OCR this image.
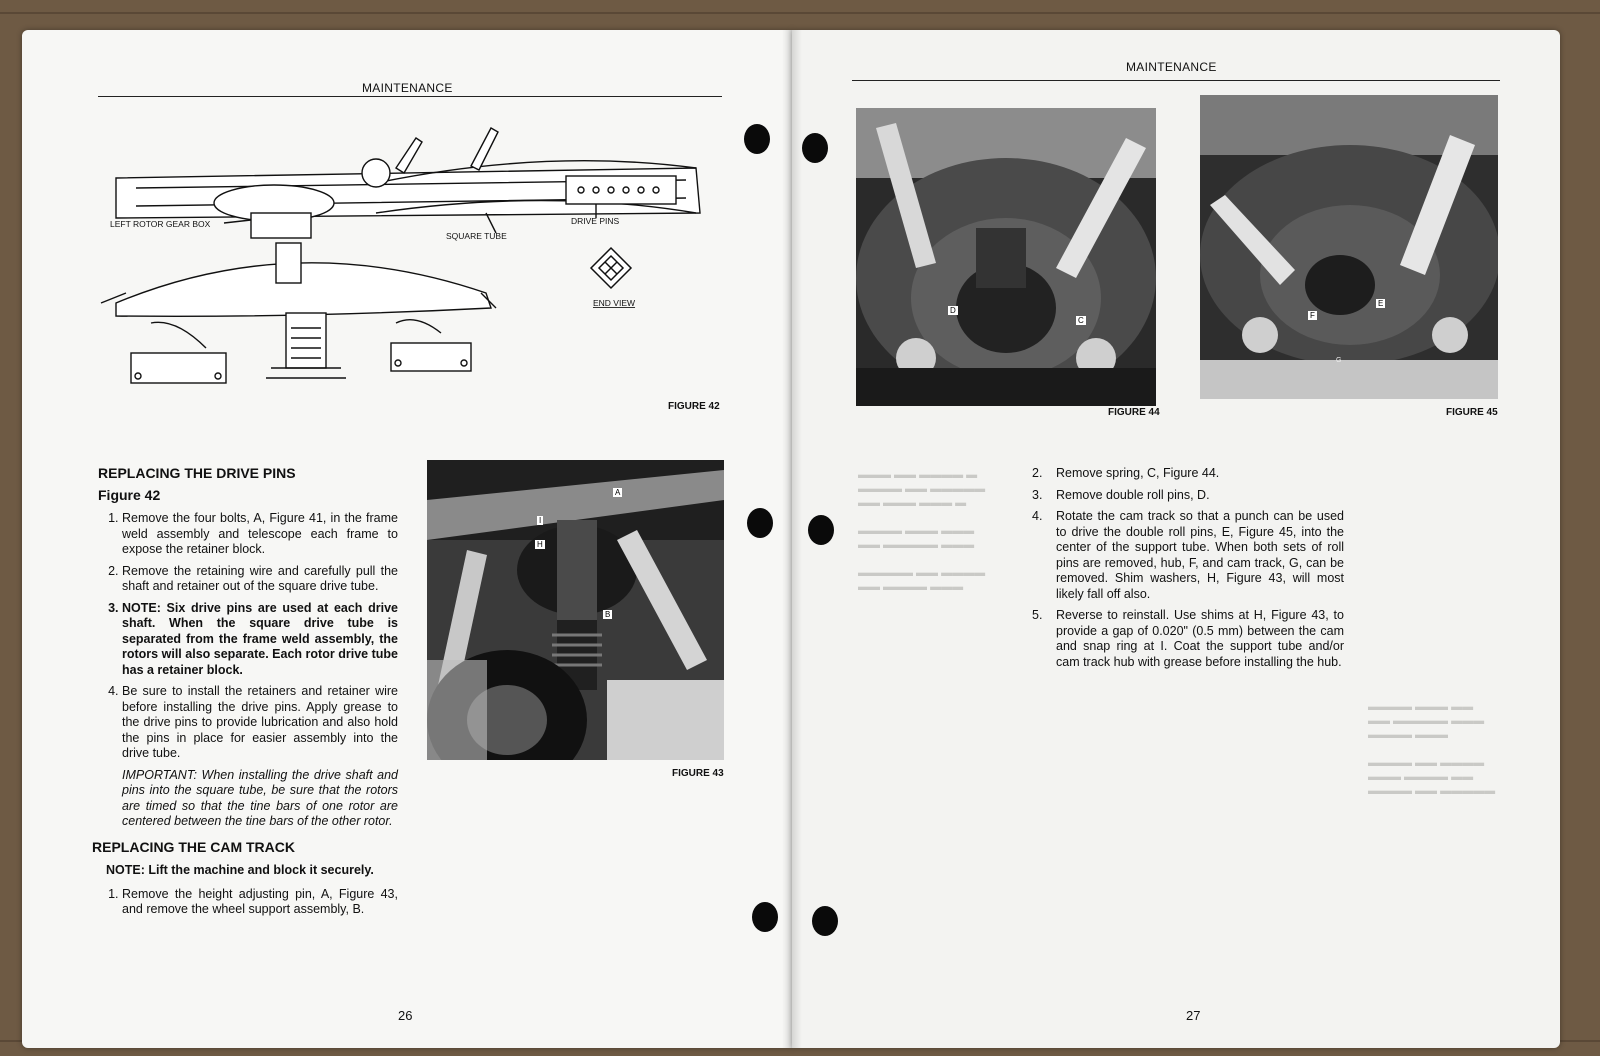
MAINTENANCE
LEFT ROTOR GEAR BOX
SQUARE TUBE
DRIVE PINS
END VIEW
FIGURE 42
A
I
H
B
FIGURE 43
REPLACING THE DRIVE PINS
Figure 42
1. Remove the four bolts, A, Figure 41, in the frame weld assembly and telescope each frame to expose the retainer block.
2. Remove the retaining wire and carefully pull the shaft and retainer out of the square drive tube.
3. NOTE: Six drive pins are used at each drive shaft. When the square drive tube is separated from the frame weld assembly, the rotors will also separate. Each rotor drive tube has a retainer block.
4. Be sure to install the retainers and retainer wire before installing the drive pins. Apply grease to the drive pins to provide lubrication and also hold the pins in place for easier assembly into the drive tube.
IMPORTANT: When installing the drive shaft and pins into the square tube, be sure that the rotors are timed so that the tine bars of one rotor are centered between the tine bars of the other rotor.
REPLACING THE CAM TRACK
NOTE: Lift the machine and block it securely.
1. Remove the height adjusting pin, A, Figure 43, and remove the wheel support assembly, B.
26
MAINTENANCE
D
C
FIGURE 44
F
E
G
FIGURE 45
▬▬▬ ▬▬ ▬▬▬▬ ▬
▬▬▬▬ ▬▬ ▬▬▬▬▬
▬▬ ▬▬▬ ▬▬▬ ▬

▬▬▬▬ ▬▬▬ ▬▬▬
▬▬ ▬▬▬▬▬ ▬▬▬

▬▬▬▬▬ ▬▬ ▬▬▬▬
▬▬ ▬▬▬▬ ▬▬▬
▬▬▬▬ ▬▬▬ ▬▬
▬▬ ▬▬▬▬▬ ▬▬▬
▬▬▬▬ ▬▬▬

▬▬▬▬ ▬▬ ▬▬▬▬
▬▬▬ ▬▬▬▬ ▬▬
▬▬▬▬ ▬▬ ▬▬▬▬▬
2.	Remove spring, C, Figure 44.
3.	Remove double roll pins, D.
4.	Rotate the cam track so that a punch can be used to drive the double roll pins, E, Figure 45, into the center of the support tube. When both sets of roll pins are removed, hub, F, and cam track, G, can be removed. Shim washers, H, Figure 43, will most likely fall off also.
5.	Reverse to reinstall. Use shims at H, Figure 43, to provide a gap of 0.020" (0.5 mm) between the cam and snap ring at I. Coat the support tube and/or cam track hub with grease before installing the hub.
27
